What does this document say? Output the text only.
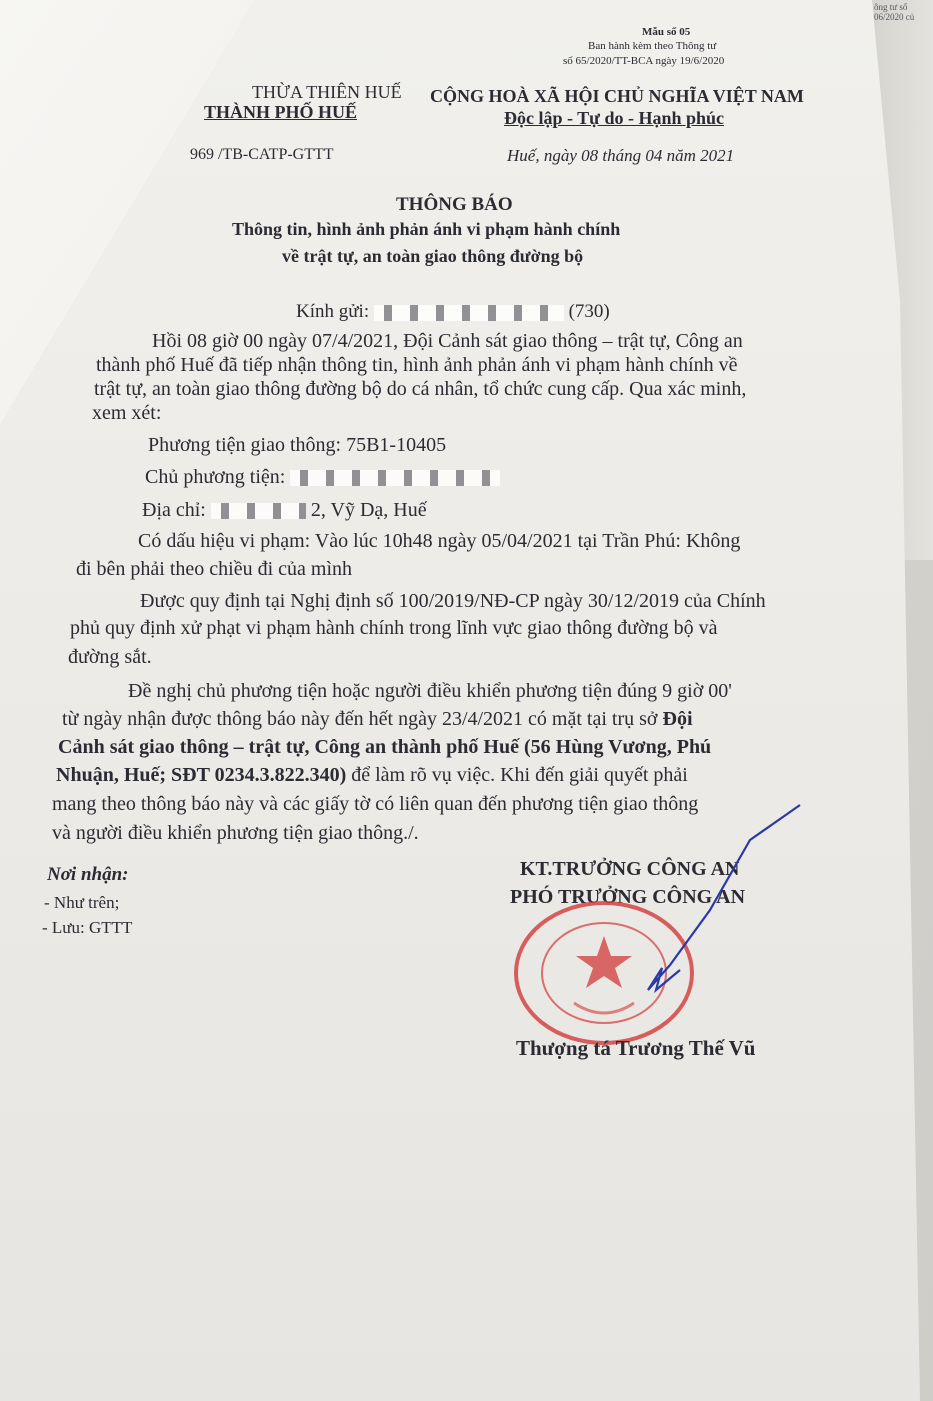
ông tư số
06/2020 củ
Mẫu số 05
Ban hành kèm theo Thông tư
số 65/2020/TT-BCA ngày 19/6/2020
THỪA THIÊN HUẾ
THÀNH PHỐ HUẾ
969 /TB-CATP-GTTT
CỘNG HOÀ XÃ HỘI CHỦ NGHĨA VIỆT NAM
Độc lập - Tự do - Hạnh phúc
Huế, ngày 08 tháng 04 năm 2021
THÔNG BÁO
Thông tin, hình ảnh phản ánh vi phạm hành chính
về trật tự, an toàn giao thông đường bộ
Kính gửi:	(730)
Hồi 08 giờ 00 ngày 07/4/2021, Đội Cảnh sát giao thông – trật tự, Công an
thành phố Huế đã tiếp nhận thông tin, hình ảnh phản ánh vi phạm hành chính về
trật tự, an toàn giao thông đường bộ do cá nhân, tổ chức cung cấp. Qua xác minh,
xem xét:
Phương tiện giao thông: 75B1-10405
Chủ phương tiện:
Địa chỉ:	2, Vỹ Dạ, Huế
Có dấu hiệu vi phạm: Vào lúc 10h48 ngày 05/04/2021 tại Trần Phú: Không
đi bên phải theo chiều đi của mình
Được quy định tại Nghị định số 100/2019/NĐ-CP ngày 30/12/2019 của Chính
phủ quy định xử phạt vi phạm hành chính trong lĩnh vực giao thông đường bộ và
đường sắt.
Đề nghị chủ phương tiện hoặc người điều khiển phương tiện đúng 9 giờ 00'
từ ngày nhận được thông báo này đến hết ngày 23/4/2021 có mặt tại trụ sở Đội
Cảnh sát giao thông – trật tự, Công an thành phố Huế (56 Hùng Vương, Phú
Nhuận, Huế; SĐT 0234.3.822.340) để làm rõ vụ việc. Khi đến giải quyết phải
mang theo thông báo này và các giấy tờ có liên quan đến phương tiện giao thông
và người điều khiển phương tiện giao thông./.
Nơi nhận:
- Như trên;
- Lưu: GTTT
KT.TRƯỞNG CÔNG AN
PHÓ TRƯỞNG CÔNG AN
Thượng tá Trương Thế Vũ
